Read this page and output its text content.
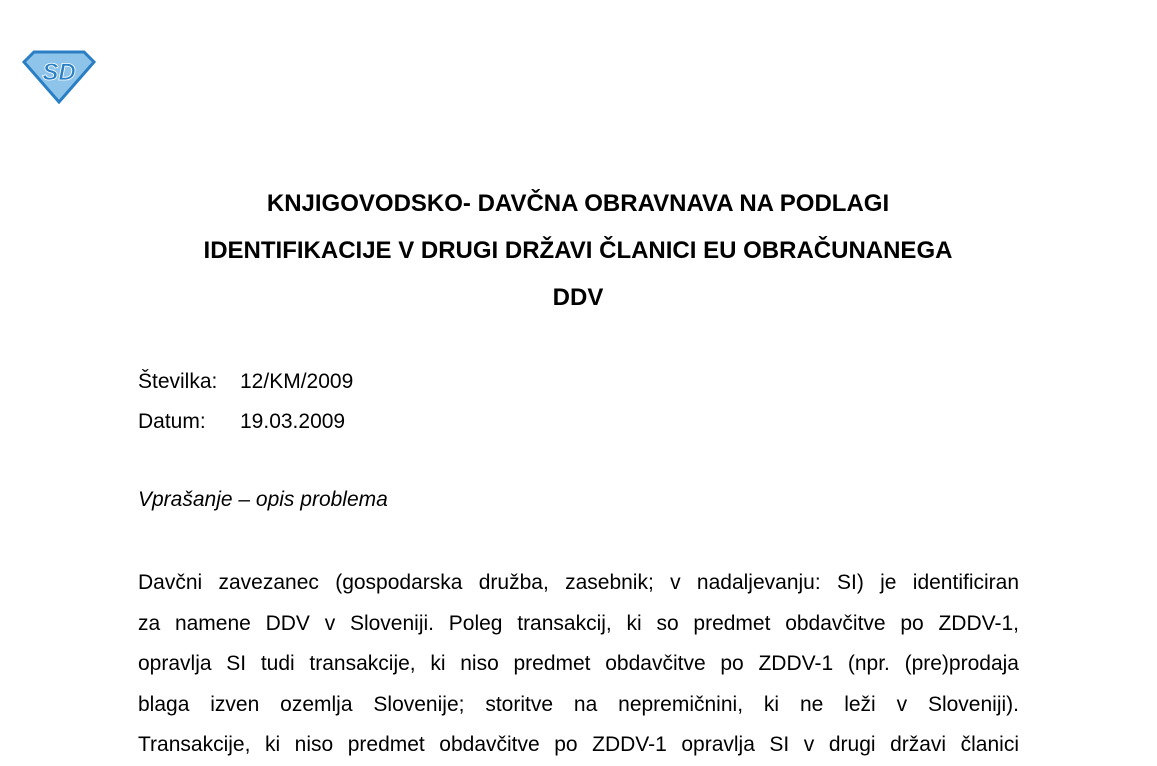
SD
KNJIGOVODSKO- DAVČNA OBRAVNAVA NA PODLAGI
IDENTIFIKACIJE V DRUGI DRŽAVI ČLANICI EU OBRAČUNANEGA
DDV
Številka:	12/KM/2009
Datum:	19.03.2009
Vprašanje – opis problema
Davčni zavezanec (gospodarska družba, zasebnik; v nadaljevanju: SI) je identificiran
za namene DDV v Sloveniji. Poleg transakcij, ki so predmet obdavčitve po ZDDV-1,
opravlja SI tudi transakcije, ki niso predmet obdavčitve po ZDDV-1 (npr. (pre)prodaja
blaga izven ozemlja Slovenije; storitve na nepremičnini, ki ne leži v Sloveniji).
Transakcije, ki niso predmet obdavčitve po ZDDV-1 opravlja SI v drugi državi članici
